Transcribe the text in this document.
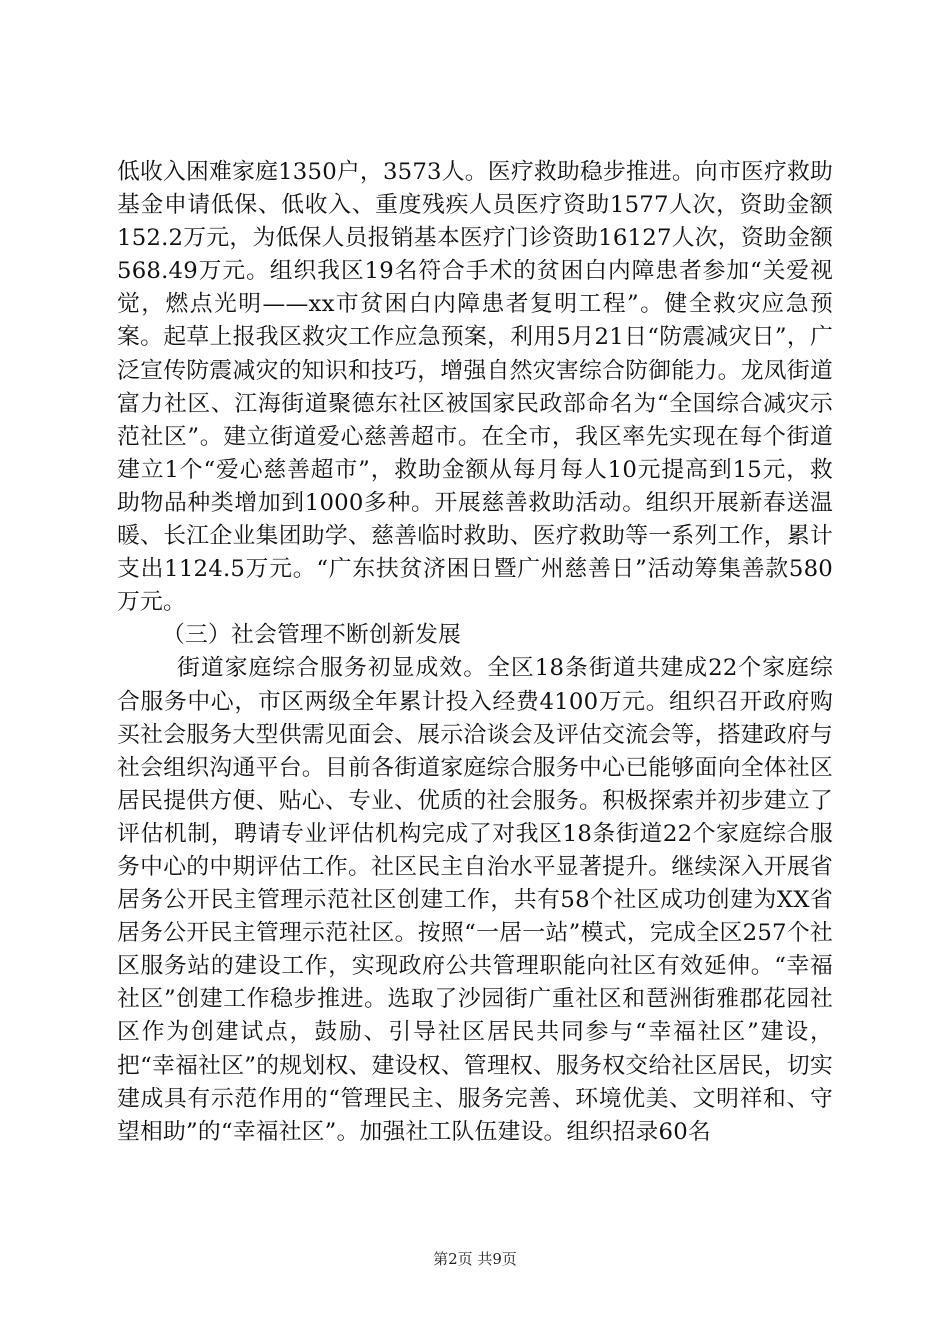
低收入困难家庭1350户，3573人。医疗救助稳步推进。向市医疗救助基金申请低保、低收入、重度残疾人员医疗资助1577人次，资助金额152.2万元，为低保人员报销基本医疗门诊资助16127人次，资助金额568.49万元。组织我区19名符合手术的贫困白内障患者参加“关爱视觉，燃点光明——xx市贫困白内障患者复明工程”。健全救灾应急预案。起草上报我区救灾工作应急预案，利用5月21日“防震减灾日”，广泛宣传防震减灾的知识和技巧，增强自然灾害综合防御能力。龙凤街道富力社区、江海街道聚德东社区被国家民政部命名为“全国综合减灾示范社区”。建立街道爱心慈善超市。在全市，我区率先实现在每个街道建立1个“爱心慈善超市”，救助金额从每月每人10元提高到15元，救助物品种类增加到1000多种。开展慈善救助活动。组织开展新春送温暖、长江企业集团助学、慈善临时救助、医疗救助等一系列工作，累计支出1124.5万元。“广东扶贫济困日暨广州慈善日”活动筹集善款580万元。

（三）社会管理不断创新发展

街道家庭综合服务初显成效。全区18条街道共建成22个家庭综合服务中心，市区两级全年累计投入经费4100万元。组织召开政府购买社会服务大型供需见面会、展示洽谈会及评估交流会等，搭建政府与社会组织沟通平台。目前各街道家庭综合服务中心已能够面向全体社区居民提供方便、贴心、专业、优质的社会服务。积极探索并初步建立了评估机制，聘请专业评估机构完成了对我区18条街道22个家庭综合服务中心的中期评估工作。社区民主自治水平显著提升。继续深入开展省居务公开民主管理示范社区创建工作，共有58个社区成功创建为XX省居务公开民主管理示范社区。按照“一居一站”模式，完成全区257个社区服务站的建设工作，实现政府公共管理职能向社区有效延伸。“幸福社区”创建工作稳步推进。选取了沙园街广重社区和琶洲街雅郡花园社区作为创建试点，鼓励、引导社区居民共同参与“幸福社区”建设，把“幸福社区”的规划权、建设权、管理权、服务权交给社区居民，切实建成具有示范作用的“管理民主、服务完善、环境优美、文明祥和、守望相助”的“幸福社区”。加强社工队伍建设。组织招录60名

第2页 共9页
